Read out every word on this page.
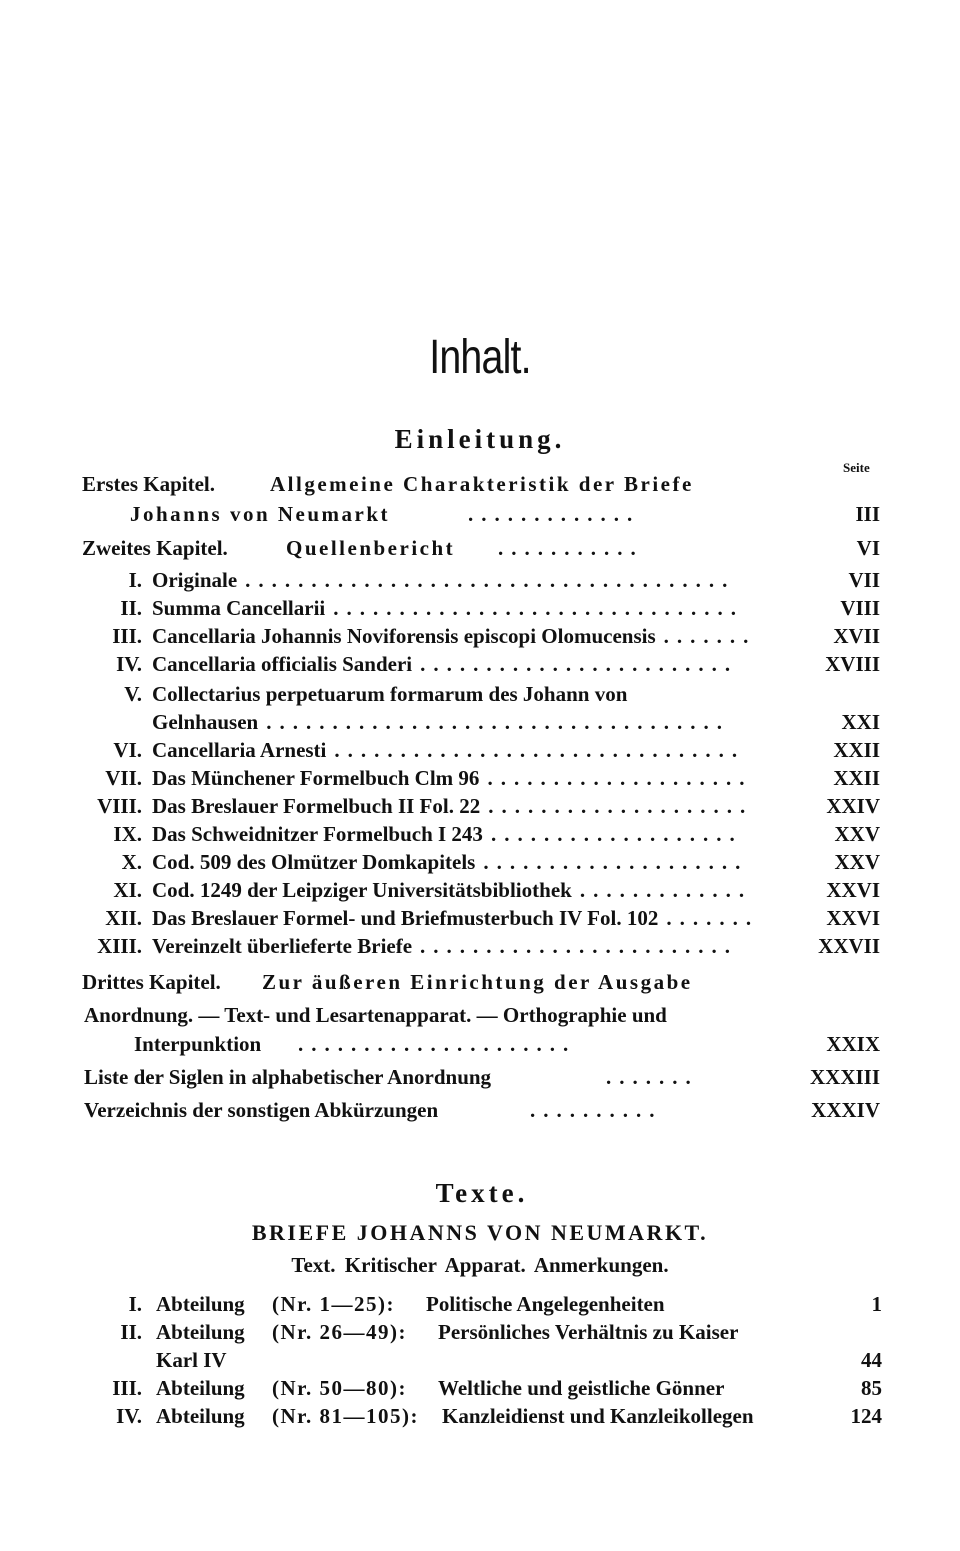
Inhalt.
Einleitung.
Seite
Erstes Kapitel.	Allgemeine Charakteristik der Briefe
Johanns von Neumarkt	.............	III
Zweites Kapitel.	Quellenbericht ...........	VI
I. Originale	VII
.....................................
II. Summa Cancellarii	VIII
...............................
III. Cancellaria Johannis Noviforensis episcopi Olomucensis	XVII
.......
IV. Cancellaria officialis Sanderi	XVIII
........................
V. Collectarius perpetuarum formarum des Johann von
Gelnhausen	XXI
...................................
VI. Cancellaria Arnesti	XXII
...............................
VII. Das Münchener Formelbuch Clm 96	XXII
....................
VIII. Das Breslauer Formelbuch II Fol. 22	XXIV
....................
IX. Das Schweidnitzer Formelbuch I 243	XXV
...................
X. Cod. 509 des Olmützer Domkapitels	XXV
....................
XI. Cod. 1249 der Leipziger Universitätsbibliothek	XXVI
.............
XII. Das Breslauer Formel- und Briefmusterbuch IV Fol. 102	XXVI
.......
XIII. Vereinzelt überlieferte Briefe	XXVII
........................
Drittes Kapitel. Zur äußeren Einrichtung der Ausgabe
Anordnung. — Text- und Lesartenapparat. — Orthographie und
Interpunktion .....................	XXIX
Liste der Siglen in alphabetischer Anordnung	.......	XXXIII
Verzeichnis der sonstigen Abkürzungen	..........	XXXIV
Texte.
BRIEFE JOHANNS VON NEUMARKT.
Text. Kritischer Apparat. Anmerkungen.
I. Abteilung (Nr. 1—25): Politische Angelegenheiten	1
II. Abteilung (Nr. 26—49): Persönliches Verhältnis zu Kaiser
Karl IV	44
III. Abteilung (Nr. 50—80): Weltliche und geistliche Gönner	85
IV. Abteilung (Nr. 81—105): Kanzleidienst und Kanzleikollegen	124
